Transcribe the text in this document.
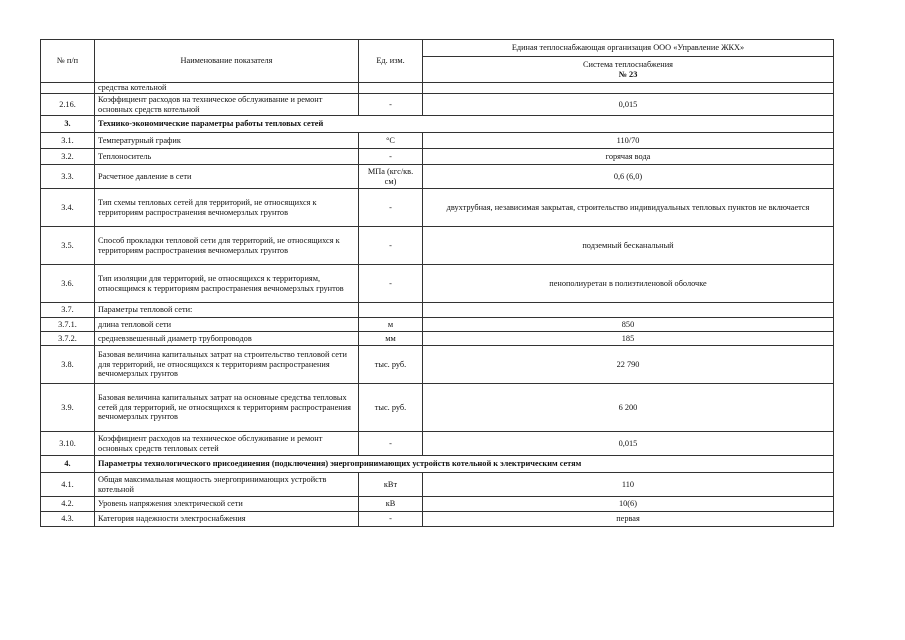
№ п/п	Наименование показателя	Ед. изм.	Единая теплоснабжающая организация ООО «Управление ЖКХ»

			Система теплоснабжения
№ 23

	средства котельной		
2.16.	Коэффициент расходов на техническое обслуживание и ремонт основных средств котельной	-	0,015
3.	Технико-экономические параметры работы тепловых сетей		
3.1.	Температурный график	°С	110/70
3.2.	Теплоноситель	-	горячая вода
3.3.	Расчетное давление в сети	МПа (кгс/кв. см)	0,6 (6,0)
3.4.	Тип схемы тепловых сетей для территорий, не относящихся к территориям распространения вечномерзлых грунтов	-	двухтрубная, независимая закрытая, строительство индивидуальных тепловых пунктов не включается
3.5.	Способ прокладки тепловой сети для территорий, не относящихся к территориям распространения вечномерзлых грунтов	-	подземный бесканальный
3.6.	Тип изоляции для территорий, не относящихся к территориям, относящимся к территориям распространения вечномерзлых грунтов	-	пенополиуретан в полиэтиленовой оболочке
3.7.	Параметры тепловой сети:		
3.7.1.	длина тепловой сети	м	850
3.7.2.	средневзвешенный диаметр трубопроводов	мм	185
3.8.	Базовая величина капитальных затрат на строительство тепловой сети для территорий, не относящихся к территориям распространения вечномерзлых грунтов	тыс. руб.	22 790
3.9.	Базовая величина капитальных затрат на основные средства тепловых сетей для территорий, не относящихся к территориям распространения вечномерзлых грунтов	тыс. руб.	6 200
3.10.	Коэффициент расходов на техническое обслуживание и ремонт основных средств тепловых сетей	-	0,015
4.	Параметры технологического присоединения (подключения) энергопринимающих устройств котельной к электрическим сетям		
4.1.	Общая максимальная мощность энергопринимающих устройств котельной	кВт	110
4.2.	Уровень напряжения электрической сети	кВ	10(6)
4.3.	Категория надежности электроснабжения	-	первая
